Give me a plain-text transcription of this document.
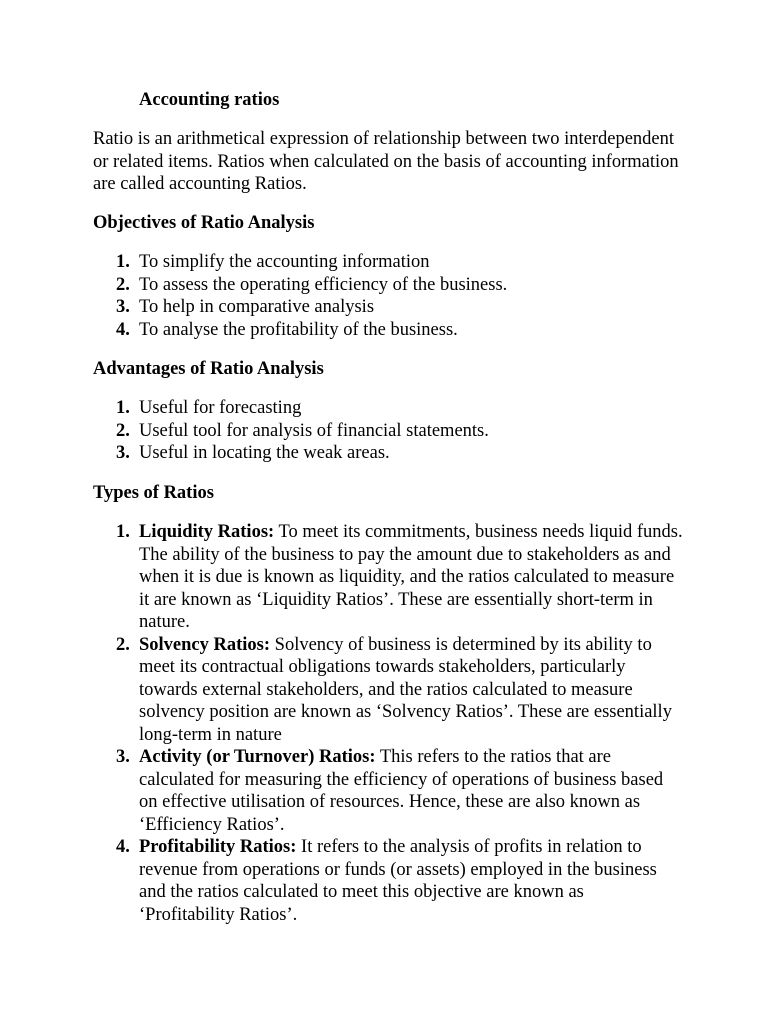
Accounting ratios
Ratio is an arithmetical expression of relationship between two interdependent or related items. Ratios when calculated on the basis of accounting information are called accounting Ratios.
Objectives of Ratio Analysis
1. To simplify the accounting information
2. To assess the operating efficiency of the business.
3. To help in comparative analysis
4. To analyse the profitability of the business.
Advantages of Ratio Analysis
1. Useful for forecasting
2. Useful tool for analysis of financial statements.
3. Useful in locating the weak areas.
Types of Ratios
1. Liquidity Ratios: To meet its commitments, business needs liquid funds. The ability of the business to pay the amount due to stakeholders as and when it is due is known as liquidity, and the ratios calculated to measure it are known as ‘Liquidity Ratios’. These are essentially short-term in nature.
2. Solvency Ratios: Solvency of business is determined by its ability to meet its contractual obligations towards stakeholders, particularly towards external stakeholders, and the ratios calculated to measure solvency position are known as ‘Solvency Ratios’. These are essentially long-term in nature
3. Activity (or Turnover) Ratios: This refers to the ratios that are calculated for measuring the efficiency of operations of business based on effective utilisation of resources. Hence, these are also known as ‘Efficiency Ratios’.
4. Profitability Ratios: It refers to the analysis of profits in relation to revenue from operations or funds (or assets) employed in the business and the ratios calculated to meet this objective are known as ‘Profitability Ratios’.
